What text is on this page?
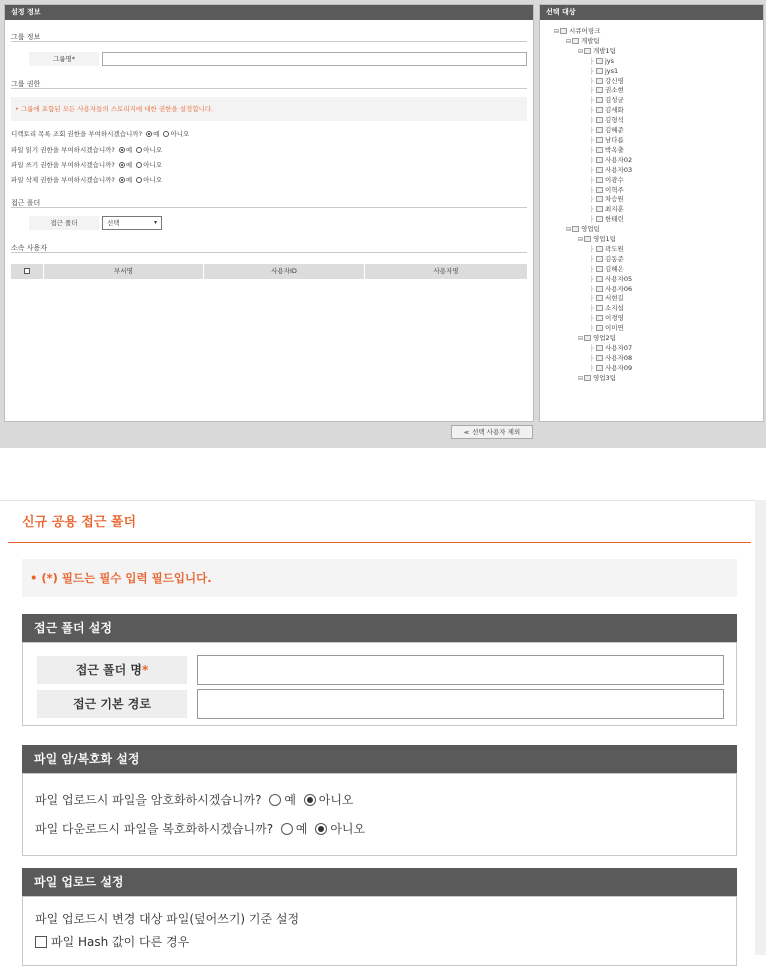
설정 정보
그룹 정보
그룹명*
그룹 권한
• 그룹에 포함된 모든 사용자들의 스토리지에 대한 권한을 설정합니다.
디렉토리 목록 조회 권한을 부여하시겠습니까? 예 아니오
파일 읽기 권한을 부여하시겠습니까? 예 아니오
파일 쓰기 권한을 부여하시겠습니까? 예 아니오
파일 삭제 권한을 부여하시겠습니까? 예 아니오
접근 폴더
접근 폴더	선택	▾
소속 사용자
부서명	사용자ID	사용자명
선택 대상
⊟ 시큐어링크
⊟ 개발팀
⊟ 개발1팀
├ jys
├ jys1
├ 강신영
├ 권소현
├ 김성균
├ 김세화
├ 김형석
├ 김혜준
├ 남다름
├ 박옥출
├ 사용자02
├ 사용자03
├ 이광수
├ 이혁주
├ 차승원
├ 최지훈
├ 한태린
⊟ 영업팀
⊟ 영업1팀
├ 곽도원
├ 김동준
├ 김혜은
├ 사용자05
├ 사용자06
├ 서현길
├ 소지섭
├ 이경영
├ 이미연
⊟ 영업2팀
├ 사용자07
├ 사용자08
├ 사용자09
⊟ 영업3팀
≪ 선택 사용자 제외
신규 공용 접근 폴더
• (*) 필드는 필수 입력 필드입니다.
접근 폴더 설정
접근 폴더 명*
접근 기본 경로
파일 암/복호화 설정
파일 업로드시 파일을 암호화하시겠습니까? 예 아니오
파일 다운로드시 파일을 복호화하시겠습니까? 예 아니오
파일 업로드 설정
파일 업로드시 변경 대상 파일(덮어쓰기) 기준 설정
파일 Hash 값이 다른 경우
